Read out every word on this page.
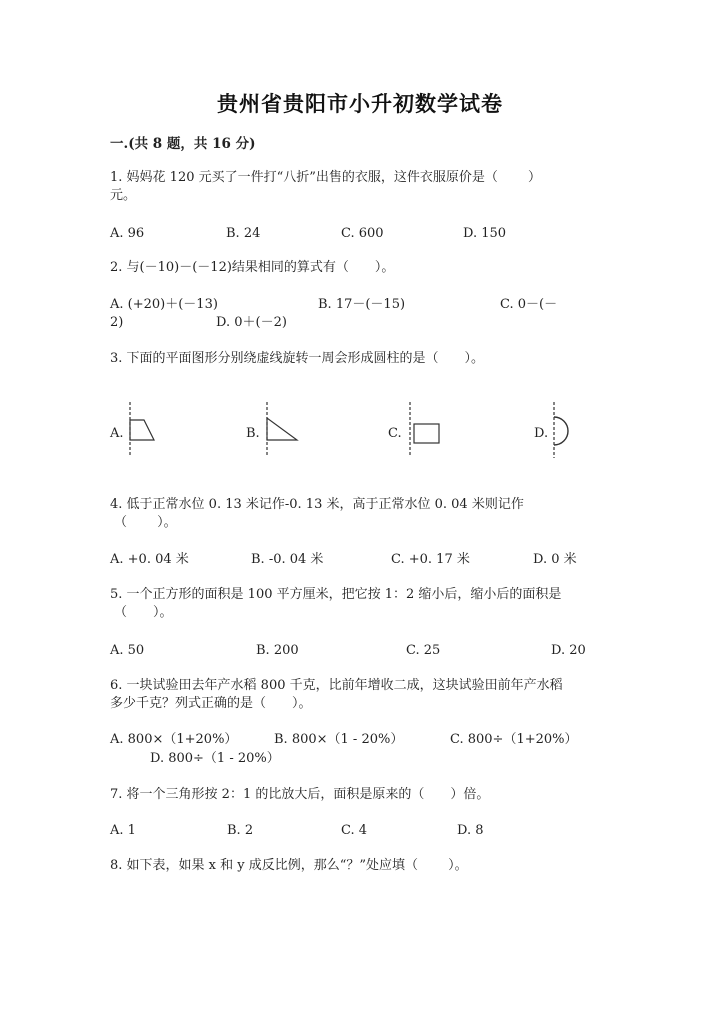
贵州省贵阳市小升初数学试卷
一.(共 8 题，共 16 分)
1. 妈妈花 120 元买了一件打“八折”出售的衣服，这件衣服原价是（　　 ）
元。
A. 96	B. 24	C. 600	D. 150
2. 与(－10)－(－12)结果相同的算式有（　　）。
A. (+20)＋(－13)	B. 17－(－15)	C. 0－(－
2)	D. 0＋(－2)
3. 下面的平面图形分别绕虚线旋转一周会形成圆柱的是（　　）。
A.	B.	C.	D.
4. 低于正常水位 0. 13 米记作-0. 13 米，高于正常水位 0. 04 米则记作
（　　 ）。
A. +0. 04 米	B. -0. 04 米	C. +0. 17 米	D. 0 米
5. 一个正方形的面积是 100 平方厘米，把它按 1：2 缩小后，缩小后的面积是
（　　）。
A. 50	B. 200	C. 25	D. 20
6. 一块试验田去年产水稻 800 千克，比前年增收二成，这块试验田前年产水稻
多少千克？列式正确的是（　　）。
A. 800×（1+20%）	B. 800×（1 - 20%）	C. 800÷（1+20%）
D. 800÷（1 - 20%）
7. 将一个三角形按 2：1 的比放大后，面积是原来的（　　）倍。
A. 1	B. 2	C. 4	D. 8
8. 如下表，如果 x 和 y 成反比例，那么“？”处应填（　　 ）。
